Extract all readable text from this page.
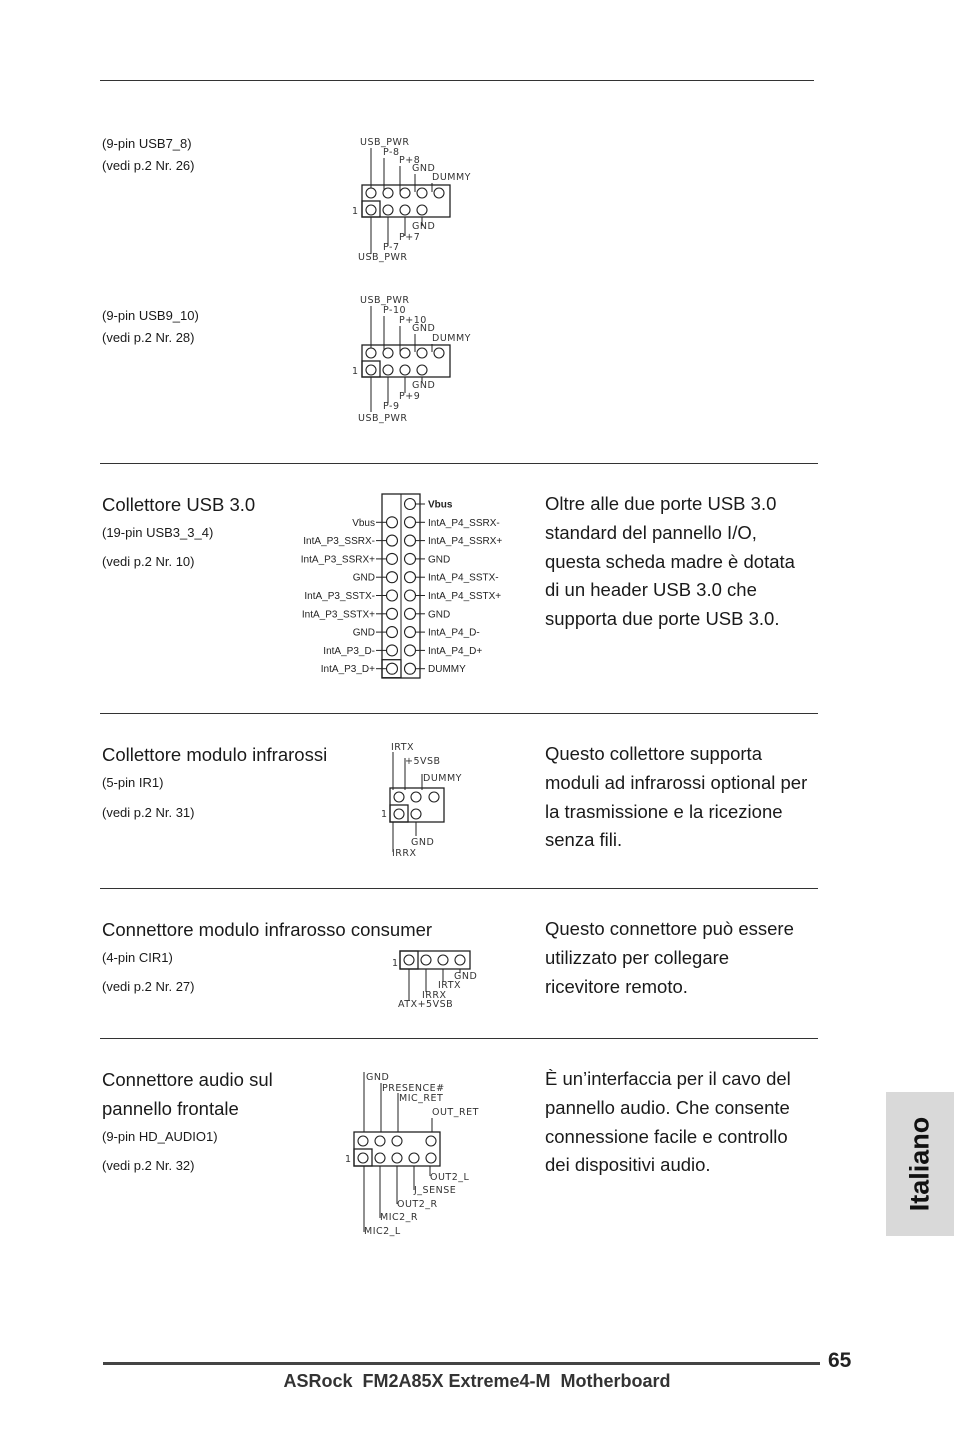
(9-pin USB7_8)
(vedi p.2 Nr. 26)
USB_PWR
P-8
P+8
GND
DUMMY
1
GND
P+7
P-7
USB_PWR
(9-pin USB9_10)
(vedi p.2 Nr. 28)
USB_PWR
P-10
P+10
GND
DUMMY
1
GND
P+9
P-9
USB_PWR
Collettore USB 3.0
(19-pin USB3_3_4)
(vedi p.2 Nr. 10)
Vbus
IntA_P3_SSRX-
IntA_P3_SSRX+
GND
IntA_P3_SSTX-
IntA_P3_SSTX+
GND
IntA_P3_D-
IntA_P3_D+
Vbus
IntA_P4_SSRX-
IntA_P4_SSRX+
GND
IntA_P4_SSTX-
IntA_P4_SSTX+
GND
IntA_P4_D-
IntA_P4_D+
DUMMY
Oltre alle due porte USB 3.0
standard del pannello I/O,
questa scheda madre è dotata
di un header USB 3.0 che
supporta due porte USB 3.0.
Collettore modulo infrarossi
(5-pin IR1)
(vedi p.2 Nr. 31)
IRTX
+5VSB
DUMMY
1
GND
IRRX
Questo collettore supporta
moduli ad infrarossi optional per
la trasmissione e la ricezione
senza fili.
Connettore modulo infrarosso consumer
(4-pin CIR1)
(vedi p.2 Nr. 27)
1
GND
IRTX
IRRX
ATX+5VSB
Questo connettore può essere
utilizzato per collegare
ricevitore remoto.
Connettore audio sul
pannello frontale
(9-pin HD_AUDIO1)
(vedi p.2 Nr. 32)
GND
PRESENCE#
MIC_RET
OUT_RET
1
OUT2_L
J_SENSE
OUT2_R
MIC2_R
MIC2_L
È un’interfaccia per il cavo del
pannello audio. Che consente
connessione facile e controllo
dei dispositivi audio.	Italiano
65
ASRock  FM2A85X Extreme4-M  Motherboard
